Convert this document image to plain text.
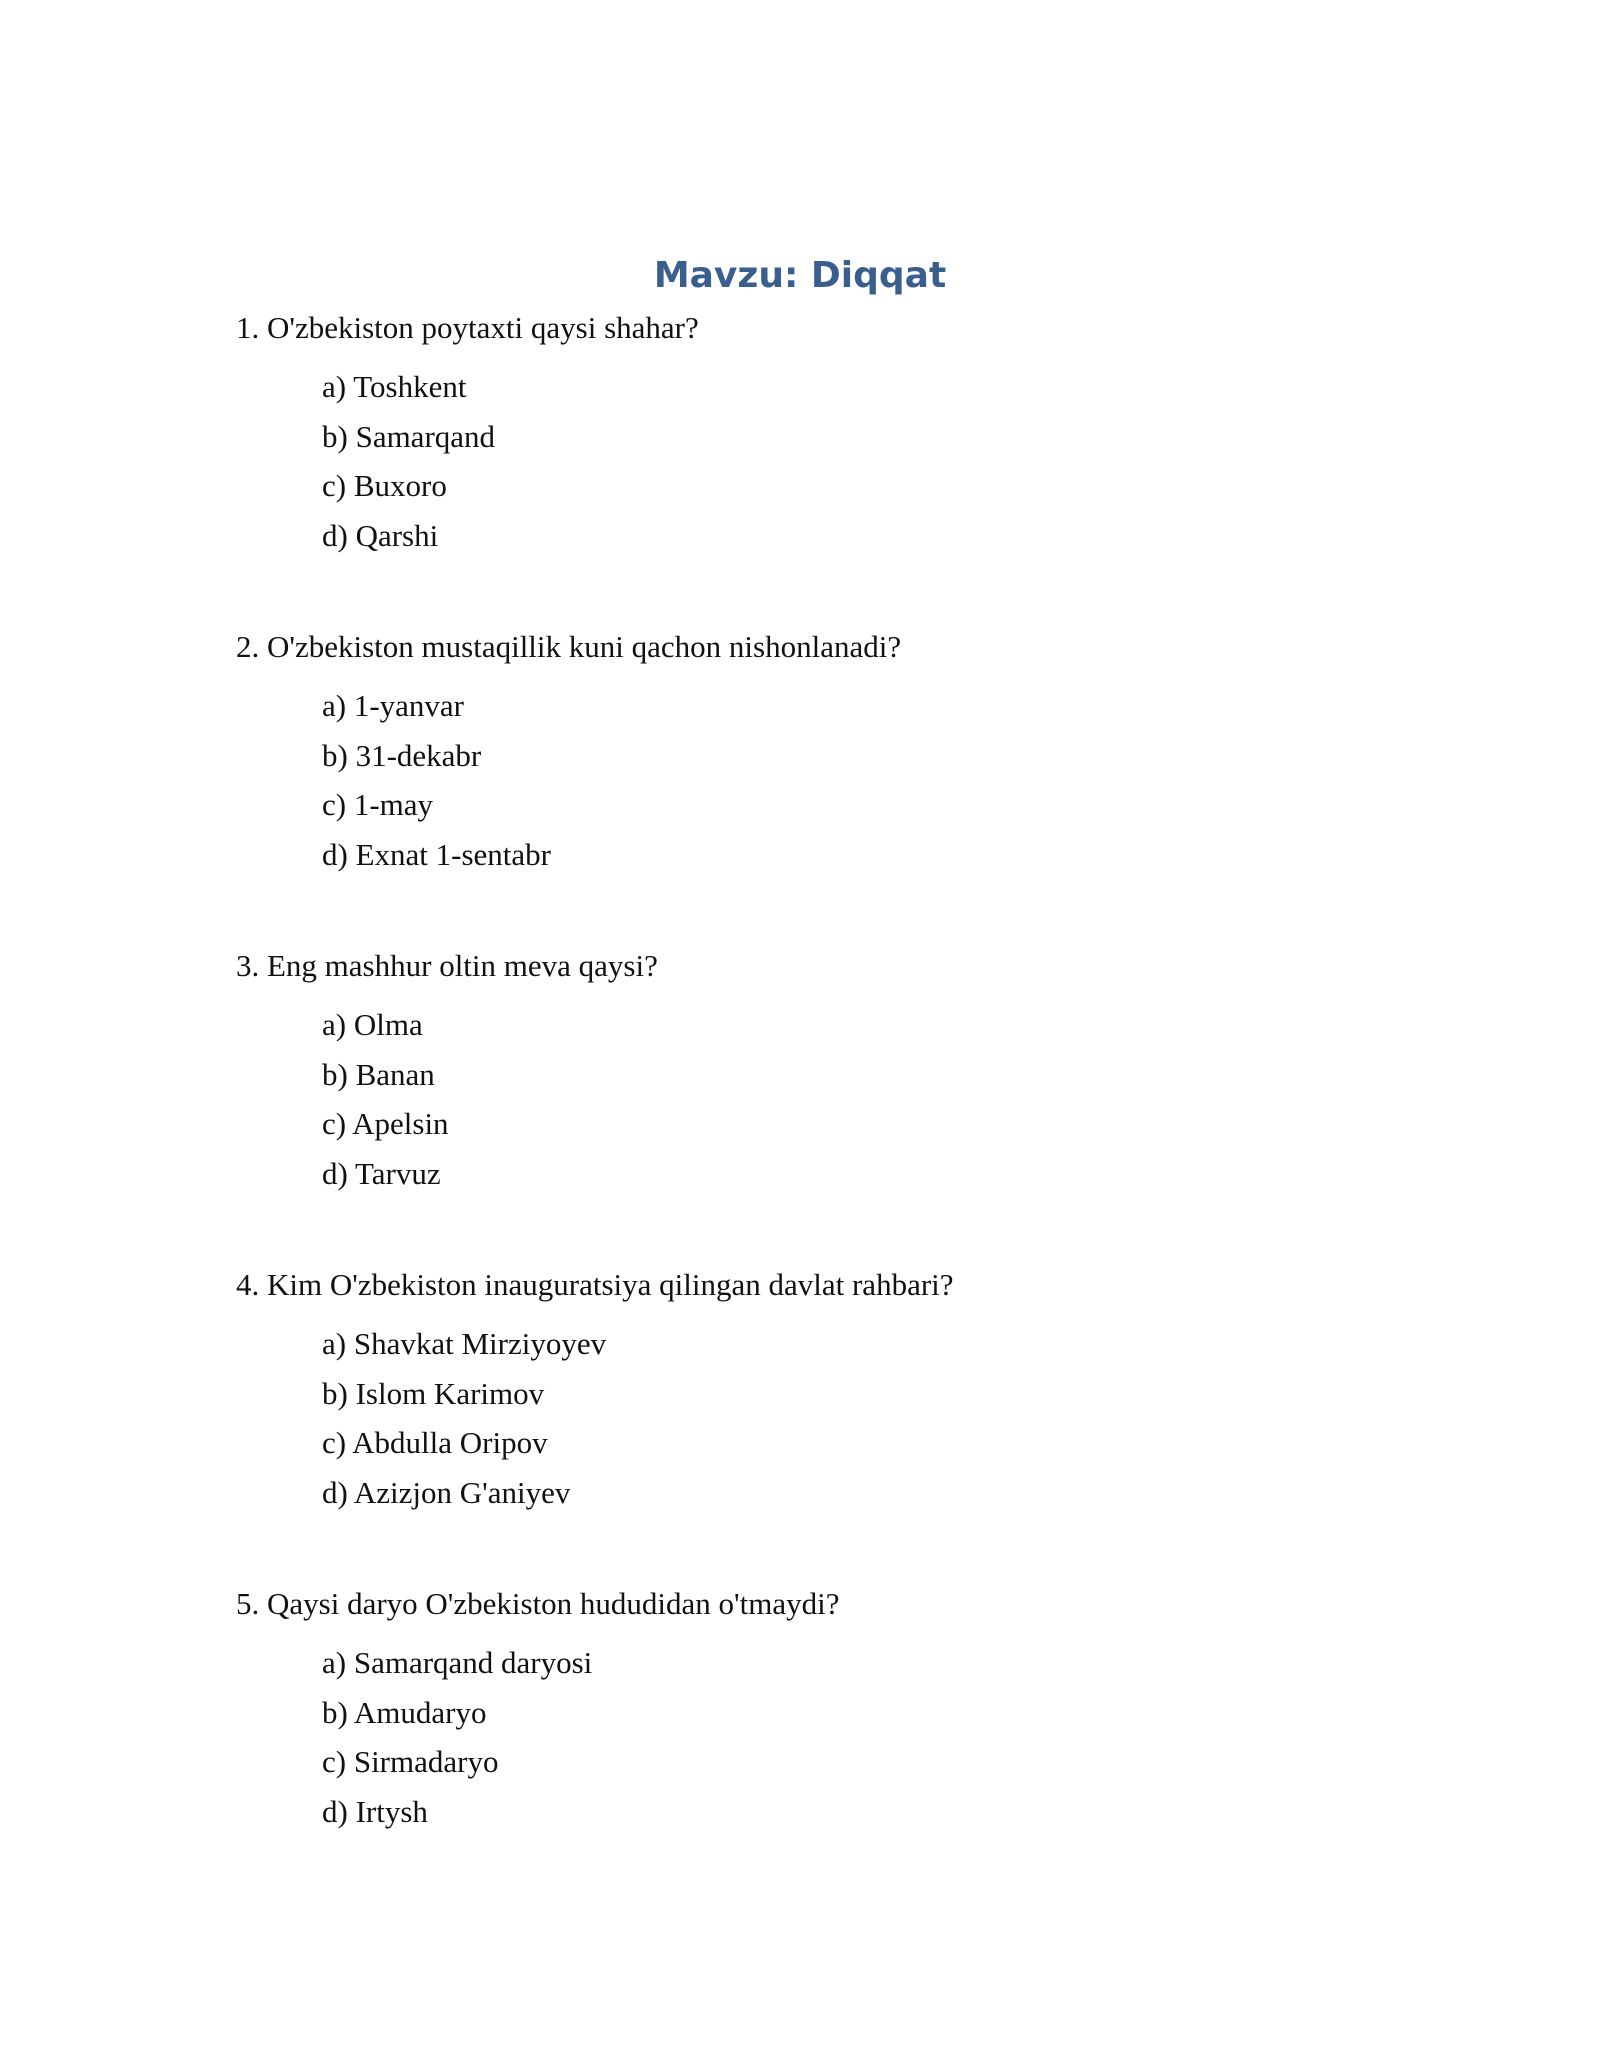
Mavzu: Diqqat
1. O'zbekiston poytaxti qaysi shahar?
a) Toshkent
b) Samarqand
c) Buxoro
d) Qarshi
2. O'zbekiston mustaqillik kuni qachon nishonlanadi?
a) 1-yanvar
b) 31-dekabr
c) 1-may
d) Exnat 1-sentabr
3. Eng mashhur oltin meva qaysi?
a) Olma
b) Banan
c) Apelsin
d) Tarvuz
4. Kim O'zbekiston inauguratsiya qilingan davlat rahbari?
a) Shavkat Mirziyoyev
b) Islom Karimov
c) Abdulla Oripov
d) Azizjon G'aniyev
5. Qaysi daryo O'zbekiston hududidan o'tmaydi?
a) Samarqand daryosi
b) Amudaryo
c) Sirmadaryo
d) Irtysh
